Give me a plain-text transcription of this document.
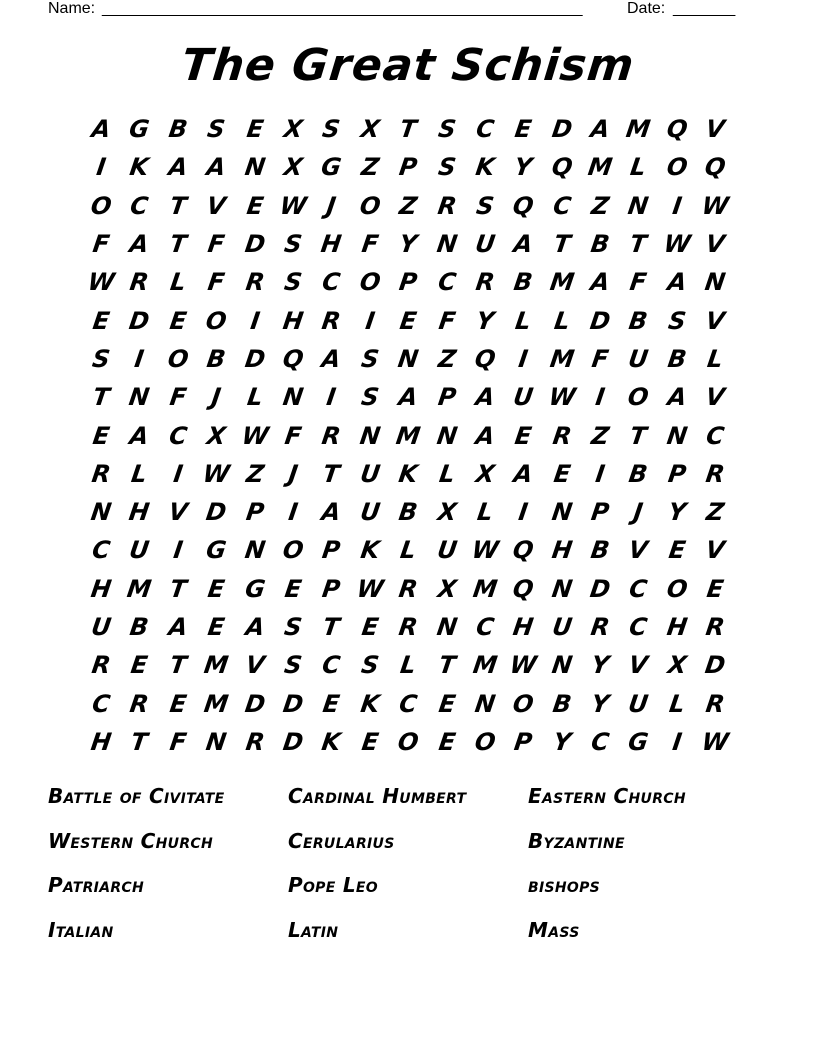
Name: ______________________________________________________	Date: _______
The Great Schism
A G B S E X S X T S C E D A M Q V
I K A A N X G Z P S K Y Q M L O Q
O C T V E W J O Z R S Q C Z N I W
F A T F D S H F Y N U A T B T W V
W R L F R S C O P C R B M A F A N
E D E O I H R I E F Y L L D B S V
S I O B D Q A S N Z Q I M F U B L
T N F J L N I S A P A U W I O A V
E A C X W F R N M N A E R Z T N C
R L I W Z J T U K L X A E I B P R
N H V D P I A U B X L I N P J Y Z
C U I G N O P K L U W Q H B V E V
H M T E G E P W R X M Q N D C O E
U B A E A S T E R N C H U R C H R
R E T M V S C S L T M W N Y V X D
C R E M D D E K C E N O B Y U L R
H T F N R D K E O E O P Y C G I W
Battle of Civitate	Cardinal Humbert	Eastern Church
Western Church	Cerularius	Byzantine
Patriarch	Pope Leo	bishops
Italian	Latin	Mass
